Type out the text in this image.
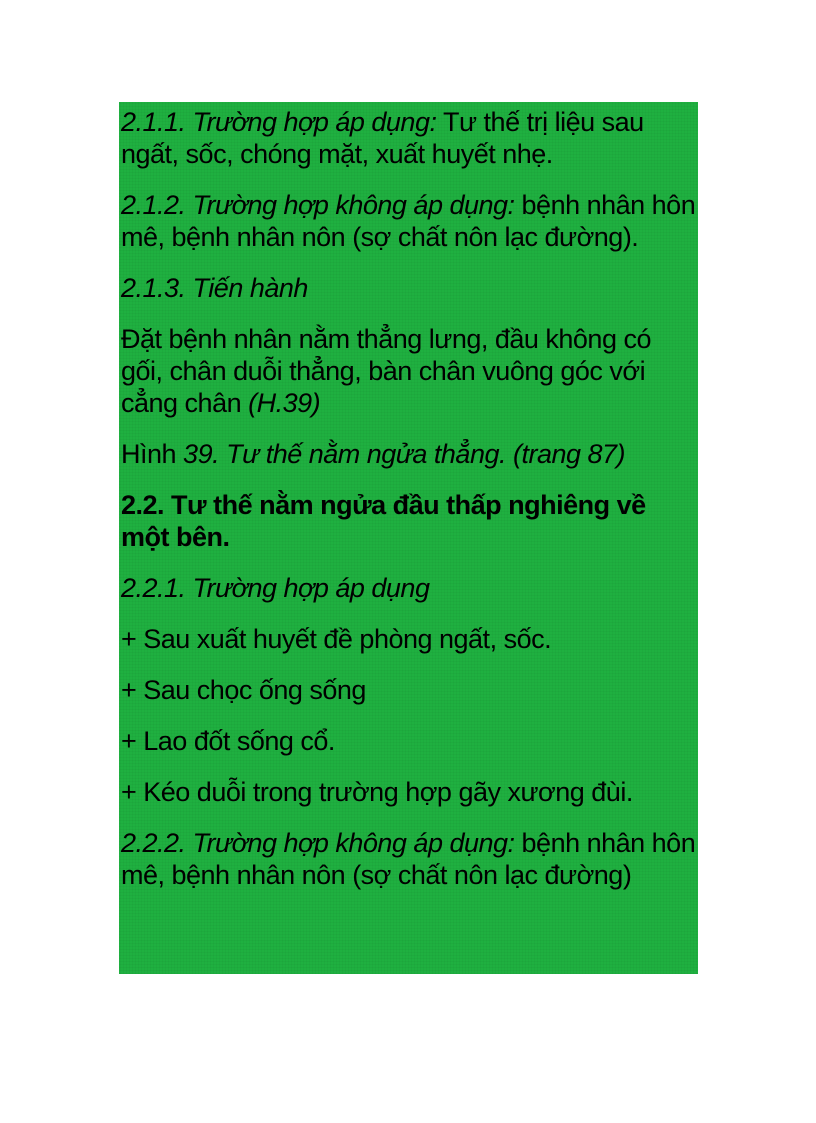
2.1.1. Trường hợp áp dụng: Tư thế trị liệu sau ngất, sốc, chóng mặt, xuất huyết nhẹ.

2.1.2. Trường hợp không áp dụng: bệnh nhân hôn mê, bệnh nhân nôn (sợ chất nôn lạc đường).

2.1.3. Tiến hành

Đặt bệnh nhân nằm thẳng lưng, đầu không có gối, chân duỗi thẳng, bàn chân vuông góc với cẳng chân (H.39)

Hình 39. Tư thế nằm ngửa thẳng. (trang 87)

2.2. Tư thế nằm ngửa đầu thấp nghiêng về một bên.

2.2.1. Trường hợp áp dụng

+ Sau xuất huyết đề phòng ngất, sốc.

+ Sau chọc ống sống

+ Lao đốt sống cổ.

+ Kéo duỗi trong trường hợp gãy xương đùi.

2.2.2. Trường hợp không áp dụng: bệnh nhân hôn mê, bệnh nhân nôn (sợ chất nôn lạc đường)
